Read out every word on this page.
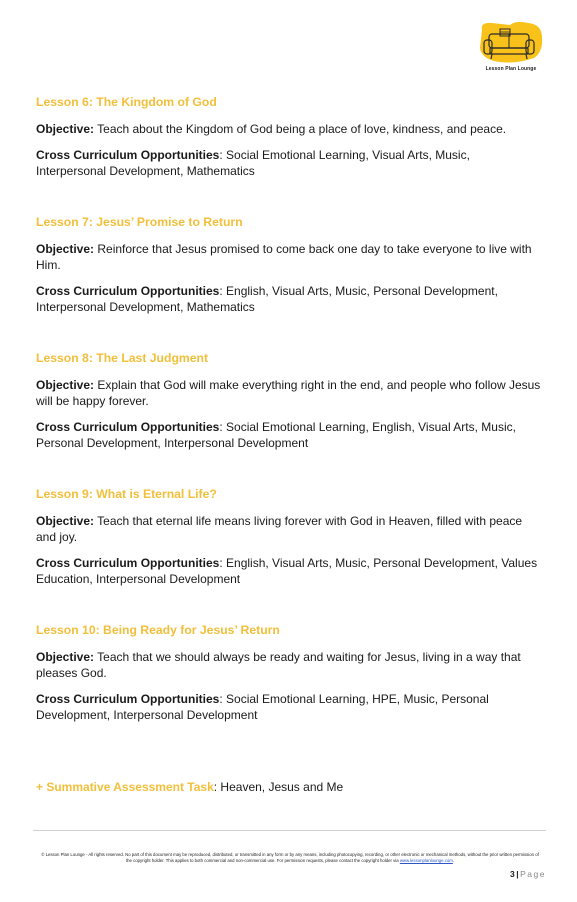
Lesson Plan Lounge
Lesson 6: The Kingdom of God

Objective: Teach about the Kingdom of God being a place of love, kindness, and peace.

Cross Curriculum Opportunities: Social Emotional Learning, Visual Arts, Music, Interpersonal Development, Mathematics

Lesson 7: Jesus’ Promise to Return

Objective: Reinforce that Jesus promised to come back one day to take everyone to live with Him.

Cross Curriculum Opportunities: English, Visual Arts, Music, Personal Development, Interpersonal Development, Mathematics

Lesson 8: The Last Judgment

Objective: Explain that God will make everything right in the end, and people who follow Jesus will be happy forever.

Cross Curriculum Opportunities: Social Emotional Learning, English, Visual Arts, Music, Personal Development, Interpersonal Development

Lesson 9: What is Eternal Life?

Objective: Teach that eternal life means living forever with God in Heaven, filled with peace and joy.

Cross Curriculum Opportunities: English, Visual Arts, Music, Personal Development, Values Education, Interpersonal Development

Lesson 10: Being Ready for Jesus’ Return

Objective: Teach that we should always be ready and waiting for Jesus, living in a way that pleases God.

Cross Curriculum Opportunities: Social Emotional Learning, HPE, Music, Personal Development, Interpersonal Development

+ Summative Assessment Task: Heaven, Jesus and Me
© Lesson Plan Lounge - All rights reserved. No part of this document may be reproduced, distributed, or transmitted in any form or by any means, including photocopying, recording, or other electronic or mechanical methods, without the prior written permission of the copyright holder. This applies to both commercial and non-commercial use. For permission requests, please contact the copyright holder via www.lessonplanlounge.com.
3|Page
